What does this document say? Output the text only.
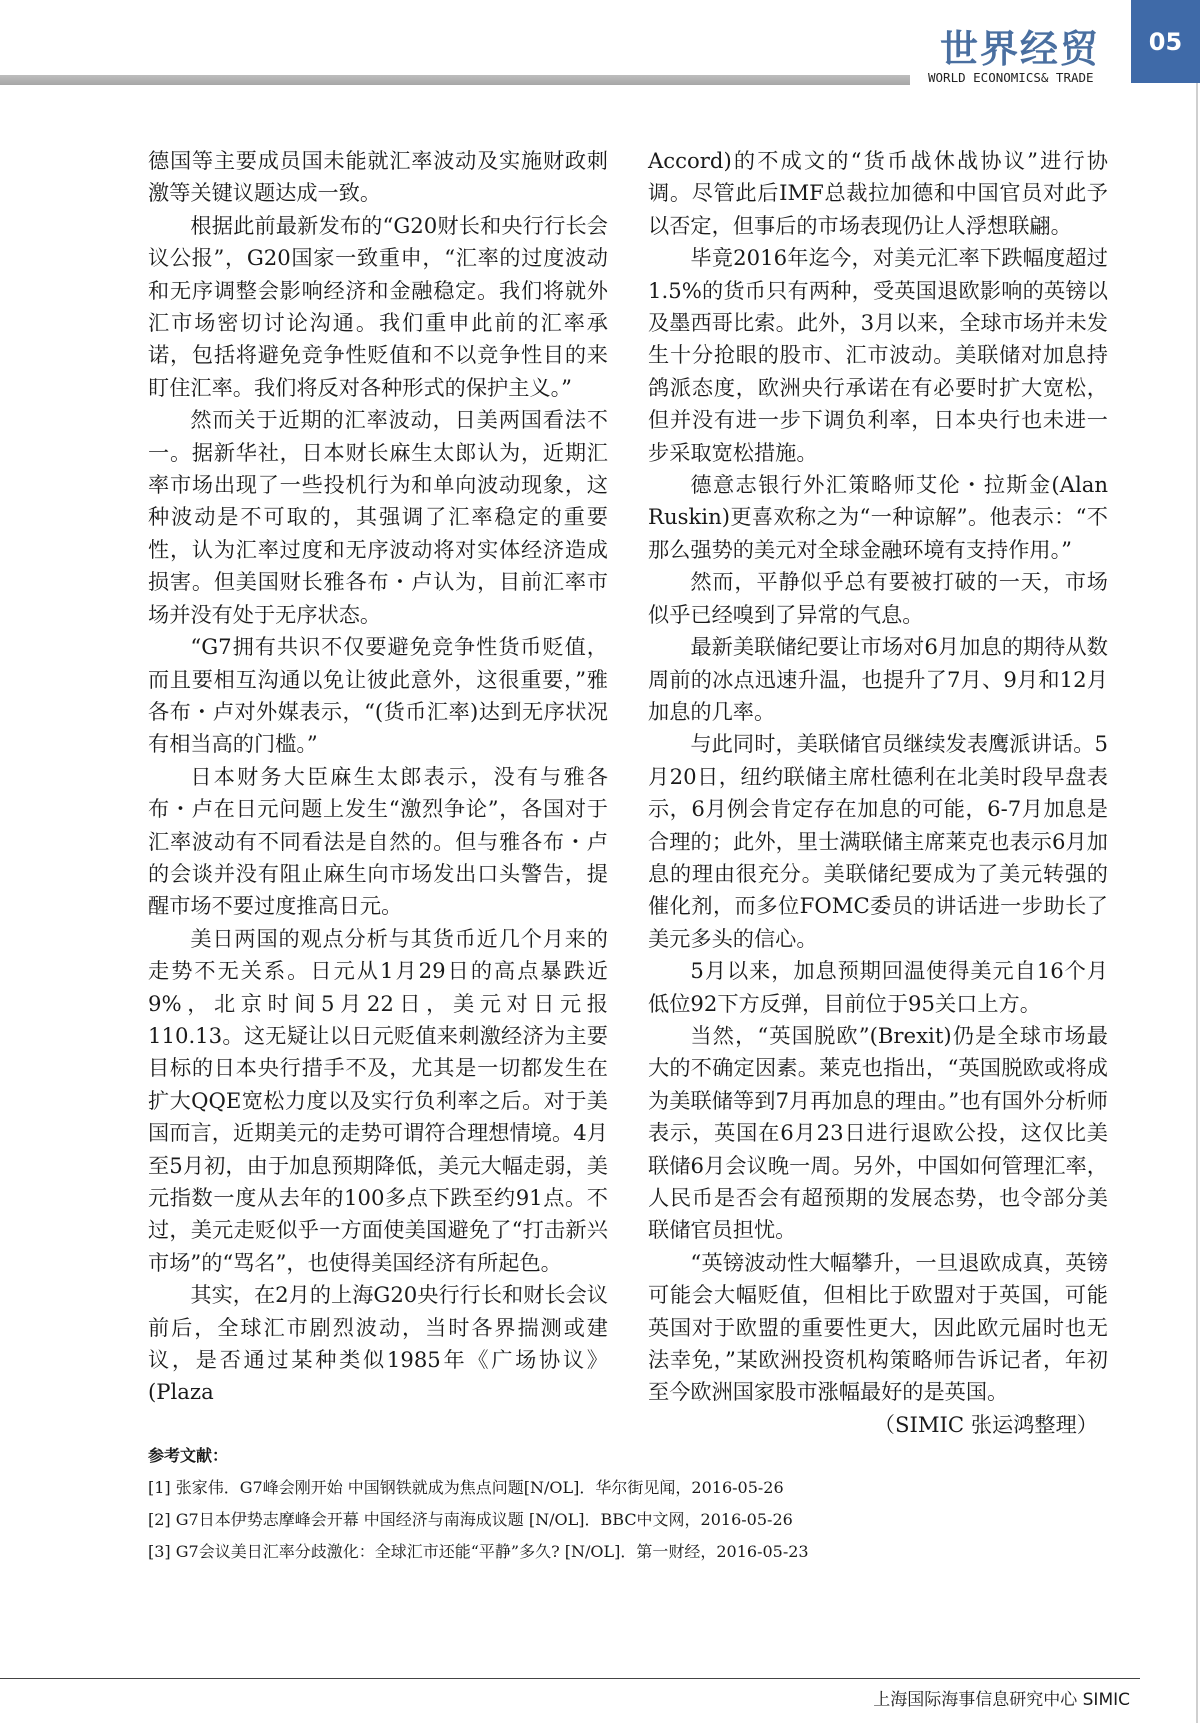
世界经贸
WORLD ECONOMICS& TRADE
05

德国等主要成员国未能就汇率波动及实施财政刺激等关键议题达成一致。

根据此前最新发布的“G20财长和央行行长会议公报”，G20国家一致重申，“汇率的过度波动和无序调整会影响经济和金融稳定。我们将就外汇市场密切讨论沟通。我们重申此前的汇率承诺，包括将避免竞争性贬值和不以竞争性目的来盯住汇率。我们将反对各种形式的保护主义。”

然而关于近期的汇率波动，日美两国看法不一。据新华社，日本财长麻生太郎认为，近期汇率市场出现了一些投机行为和单向波动现象，这种波动是不可取的，其强调了汇率稳定的重要性，认为汇率过度和无序波动将对实体经济造成损害。但美国财长雅各布・卢认为，目前汇率市场并没有处于无序状态。

“G7拥有共识不仅要避免竞争性货币贬值，而且要相互沟通以免让彼此意外，这很重要，”雅各布・卢对外媒表示，“(货币汇率)达到无序状况有相当高的门槛。”

日本财务大臣麻生太郎表示，没有与雅各布・卢在日元问题上发生“激烈争论”，各国对于汇率波动有不同看法是自然的。但与雅各布・卢的会谈并没有阻止麻生向市场发出口头警告，提醒市场不要过度推高日元。

美日两国的观点分析与其货币近几个月来的走势不无关系。日元从1月29日的高点暴跌近9%，北京时间5月22日，美元对日元报110.13。这无疑让以日元贬值来刺激经济为主要目标的日本央行措手不及，尤其是一切都发生在扩大QQE宽松力度以及实行负利率之后。对于美国而言，近期美元的走势可谓符合理想情境。4月至5月初，由于加息预期降低，美元大幅走弱，美元指数一度从去年的100多点下跌至约91点。不过，美元走贬似乎一方面使美国避免了“打击新兴市场”的“骂名”，也使得美国经济有所起色。

其实，在2月的上海G20央行行长和财长会议前后，全球汇市剧烈波动，当时各界揣测或建议，是否通过某种类似1985年《广场协议》(Plaza

Accord)的不成文的“货币战休战协议”进行协调。尽管此后IMF总裁拉加德和中国官员对此予以否定，但事后的市场表现仍让人浮想联翩。

毕竟2016年迄今，对美元汇率下跌幅度超过1.5%的货币只有两种，受英国退欧影响的英镑以及墨西哥比索。此外，3月以来，全球市场并未发生十分抢眼的股市、汇市波动。美联储对加息持鸽派态度，欧洲央行承诺在有必要时扩大宽松，但并没有进一步下调负利率，日本央行也未进一步采取宽松措施。

德意志银行外汇策略师艾伦・拉斯金(Alan Ruskin)更喜欢称之为“一种谅解”。他表示：“不那么强势的美元对全球金融环境有支持作用。”

然而，平静似乎总有要被打破的一天，市场似乎已经嗅到了异常的气息。

最新美联储纪要让市场对6月加息的期待从数周前的冰点迅速升温，也提升了7月、9月和12月加息的几率。

与此同时，美联储官员继续发表鹰派讲话。5月20日，纽约联储主席杜德利在北美时段早盘表示，6月例会肯定存在加息的可能，6-7月加息是合理的；此外，里士满联储主席莱克也表示6月加息的理由很充分。美联储纪要成为了美元转强的催化剂，而多位FOMC委员的讲话进一步助长了美元多头的信心。

5月以来，加息预期回温使得美元自16个月低位92下方反弹，目前位于95关口上方。

当然，“英国脱欧”(Brexit)仍是全球市场最大的不确定因素。莱克也指出，“英国脱欧或将成为美联储等到7月再加息的理由。”也有国外分析师表示，英国在6月23日进行退欧公投，这仅比美联储6月会议晚一周。另外，中国如何管理汇率，人民币是否会有超预期的发展态势，也令部分美联储官员担忧。

“英镑波动性大幅攀升，一旦退欧成真，英镑可能会大幅贬值，但相比于欧盟对于英国，可能英国对于欧盟的重要性更大，因此欧元届时也无法幸免，”某欧洲投资机构策略师告诉记者，年初至今欧洲国家股市涨幅最好的是英国。

（SIMIC 张运鸿整理）

参考文献：
[1] 张家伟．G7峰会刚开始 中国钢铁就成为焦点问题[N/OL]．华尔街见闻，2016-05-26
[2] G7日本伊势志摩峰会开幕 中国经济与南海成议题 [N/OL]．BBC中文网，2016-05-26
[3] G7会议美日汇率分歧激化：全球汇市还能“平静”多久? [N/OL]．第一财经，2016-05-23
上海国际海事信息研究中心 SIMIC
